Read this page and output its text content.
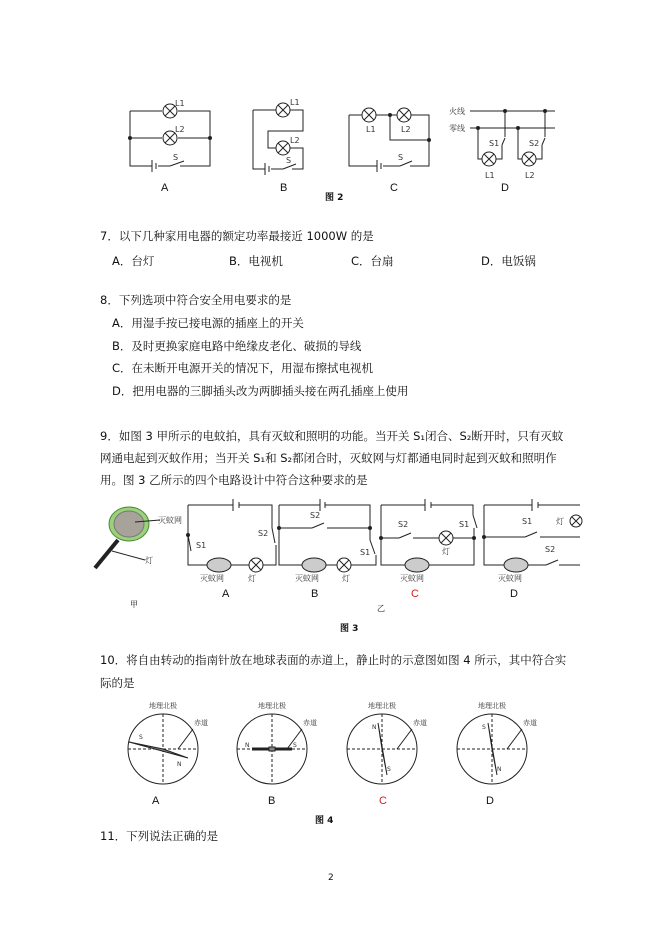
L1
L2
S
L1
L2
S
L1	L2
S
火线
零线
S1	S2
L1	L2
A	B	C	D
图 2
7．以下几种家用电器的额定功率最接近 1000W 的是
A．台灯	B．电视机	C．台扇	D．电饭锅
8．下列选项中符合安全用电要求的是
A．用湿手按已接电源的插座上的开关
B．及时更换家庭电路中绝缘皮老化、破损的导线
C．在未断开电源开关的情况下，用湿布擦拭电视机
D．把用电器的三脚插头改为两脚插头接在两孔插座上使用
9．如图 3 甲所示的电蚊拍，具有灭蚊和照明的功能。当开关 S₁闭合、S₂断开时，只有灭蚊
网通电起到灭蚊作用；当开关 S₁和 S₂都闭合时，灭蚊网与灯都通电同时起到灭蚊和照明作
用。图 3 乙所示的四个电路设计中符合这种要求的是
灭蚊网
灯
S1
S2
灭蚊网	灯
S2
S1
灭蚊网	灯
S2	S1
灯
灭蚊网
S1
S2
灯
灭蚊网
A	B	C	D
甲	乙
图 3
10．将自由转动的指南针放在地球表面的赤道上，静止时的示意图如图 4 所示，其中符合实
际的是
地理北极
赤道
S
N
地理北极
赤道
N	S
地理北极
赤道
N
S
地理北极
赤道
S
N
A	B	C	D
图 4
11．下列说法正确的是
2
